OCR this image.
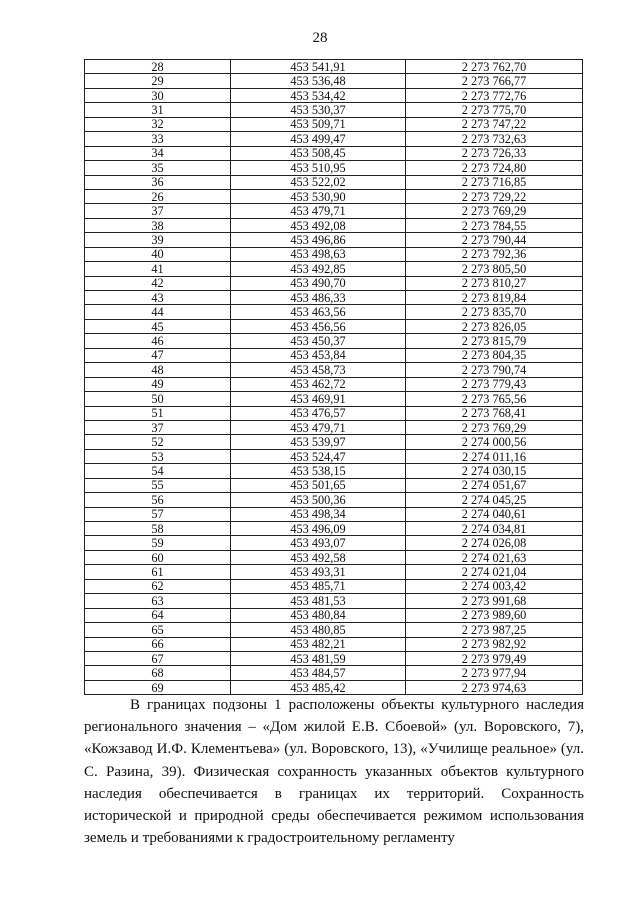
28
28	453 541,91	2 273 762,70
29	453 536,48	2 273 766,77
30	453 534,42	2 273 772,76
31	453 530,37	2 273 775,70
32	453 509,71	2 273 747,22
33	453 499,47	2 273 732,63
34	453 508,45	2 273 726,33
35	453 510,95	2 273 724,80
36	453 522,02	2 273 716,85
26	453 530,90	2 273 729,22
37	453 479,71	2 273 769,29
38	453 492,08	2 273 784,55
39	453 496,86	2 273 790,44
40	453 498,63	2 273 792,36
41	453 492,85	2 273 805,50
42	453 490,70	2 273 810,27
43	453 486,33	2 273 819,84
44	453 463,56	2 273 835,70
45	453 456,56	2 273 826,05
46	453 450,37	2 273 815,79
47	453 453,84	2 273 804,35
48	453 458,73	2 273 790,74
49	453 462,72	2 273 779,43
50	453 469,91	2 273 765,56
51	453 476,57	2 273 768,41
37	453 479,71	2 273 769,29
52	453 539,97	2 274 000,56
53	453 524,47	2 274 011,16
54	453 538,15	2 274 030,15
55	453 501,65	2 274 051,67
56	453 500,36	2 274 045,25
57	453 498,34	2 274 040,61
58	453 496,09	2 274 034,81
59	453 493,07	2 274 026,08
60	453 492,58	2 274 021,63
61	453 493,31	2 274 021,04
62	453 485,71	2 274 003,42
63	453 481,53	2 273 991,68
64	453 480,84	2 273 989,60
65	453 480,85	2 273 987,25
66	453 482,21	2 273 982,92
67	453 481,59	2 273 979,49
68	453 484,57	2 273 977,94
69	453 485,42	2 273 974,63

В границах подзоны 1 расположены объекты культурного наследия регионального значения – «Дом жилой Е.В. Сбоевой» (ул. Воровского, 7), «Кожзавод И.Ф. Клементьева» (ул. Воровского, 13), «Училище реальное» (ул. С. Разина, 39). Физическая сохранность указанных объектов культурного наследия обеспечивается в границах их территорий. Сохранность исторической и природной среды обеспечивается режимом использования земель и требованиями к градостроительному регламенту
